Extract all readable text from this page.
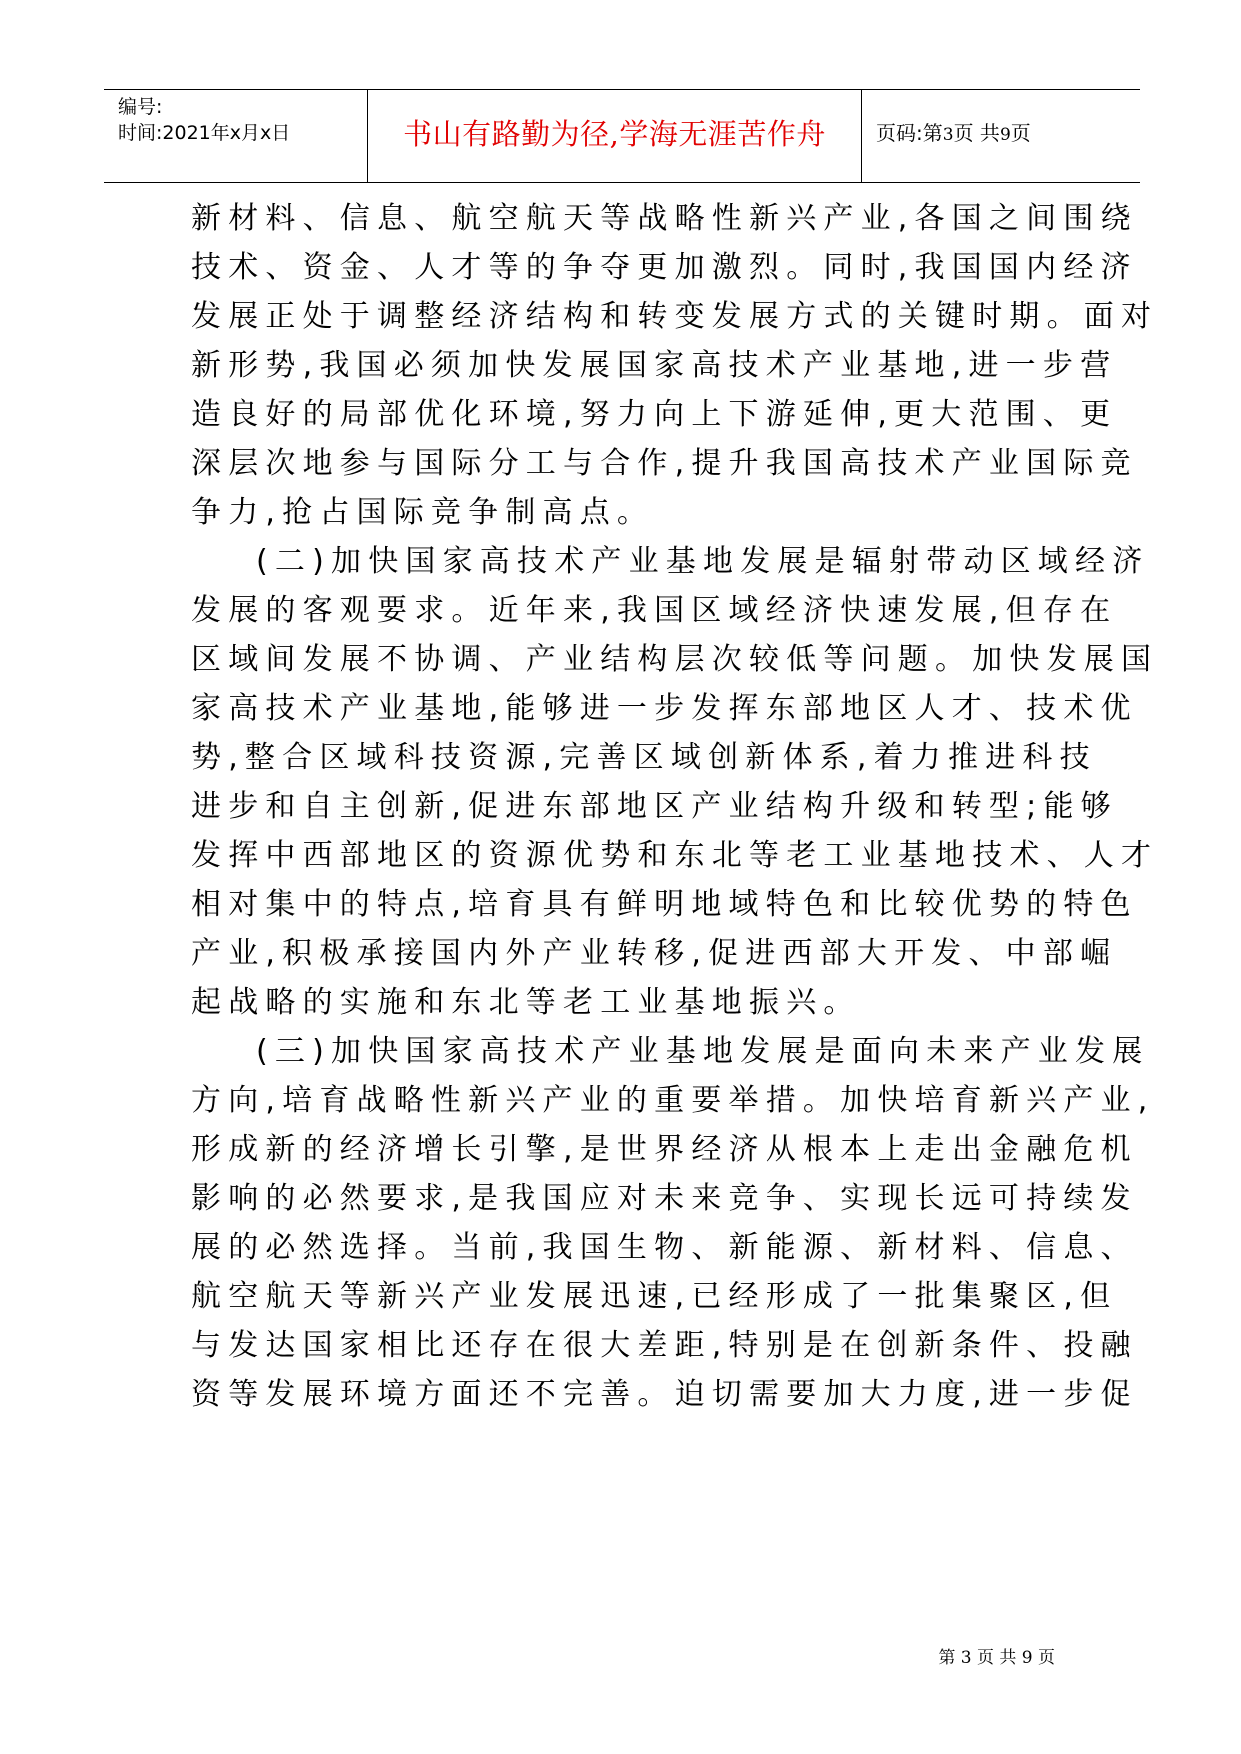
编号:
时间:2021年x月x日	书山有路勤为径,学海无涯苦作舟	页码:第3页 共9页
新材料、信息、航空航天等战略性新兴产业,各国之间围绕
技术、资金、人才等的争夺更加激烈。同时,我国国内经济
发展正处于调整经济结构和转变发展方式的关键时期。面对
新形势,我国必须加快发展国家高技术产业基地,进一步营
造良好的局部优化环境,努力向上下游延伸,更大范围、更
深层次地参与国际分工与合作,提升我国高技术产业国际竞
争力,抢占国际竞争制高点。
(二)加快国家高技术产业基地发展是辐射带动区域经济
发展的客观要求。近年来,我国区域经济快速发展,但存在
区域间发展不协调、产业结构层次较低等问题。加快发展国
家高技术产业基地,能够进一步发挥东部地区人才、技术优
势,整合区域科技资源,完善区域创新体系,着力推进科技
进步和自主创新,促进东部地区产业结构升级和转型;能够
发挥中西部地区的资源优势和东北等老工业基地技术、人才
相对集中的特点,培育具有鲜明地域特色和比较优势的特色
产业,积极承接国内外产业转移,促进西部大开发、中部崛
起战略的实施和东北等老工业基地振兴。
(三)加快国家高技术产业基地发展是面向未来产业发展
方向,培育战略性新兴产业的重要举措。加快培育新兴产业,
形成新的经济增长引擎,是世界经济从根本上走出金融危机
影响的必然要求,是我国应对未来竞争、实现长远可持续发
展的必然选择。当前,我国生物、新能源、新材料、信息、
航空航天等新兴产业发展迅速,已经形成了一批集聚区,但
与发达国家相比还存在很大差距,特别是在创新条件、投融
资等发展环境方面还不完善。迫切需要加大力度,进一步促
第 3 页 共 9 页
